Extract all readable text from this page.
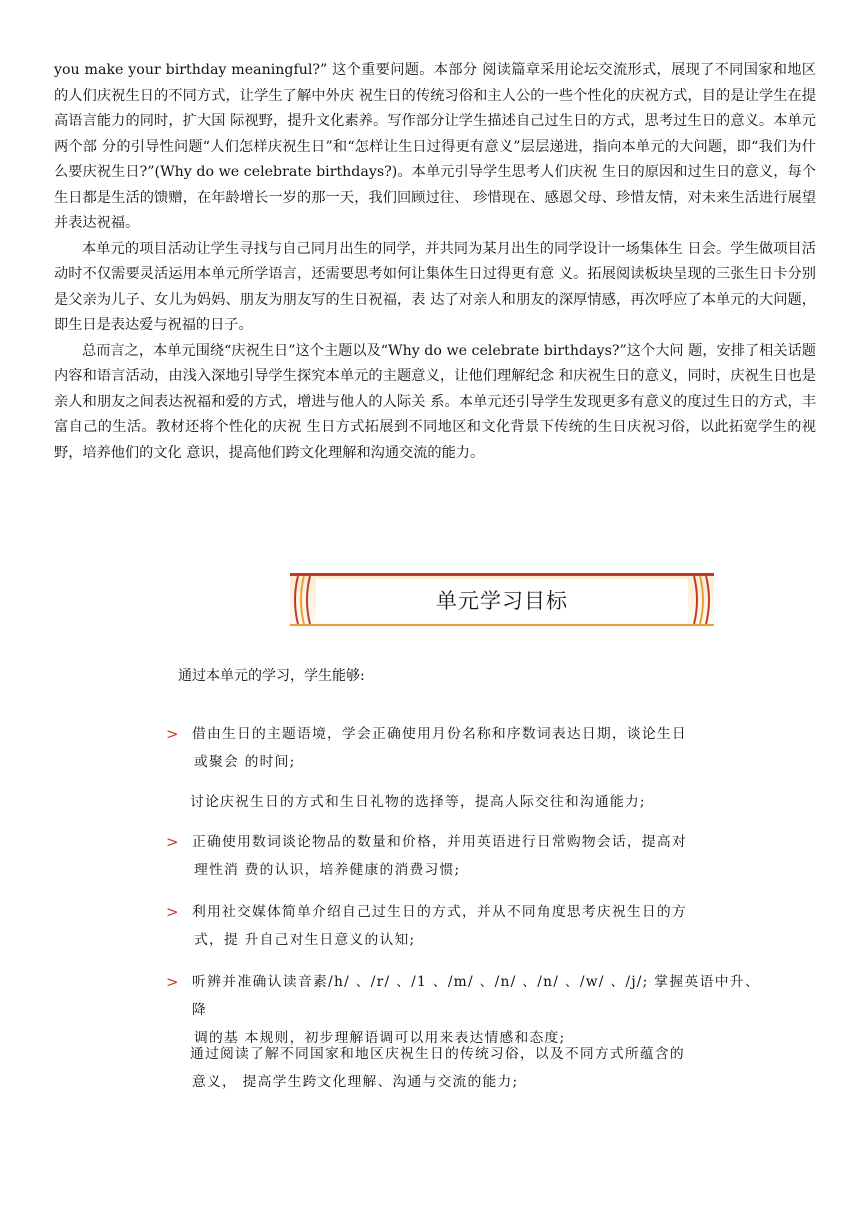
you make your birthday meaningful?” 这个重要问题。本部分 阅读篇章采用论坛交流形式，展现了不同国家和地区的人们庆祝生日的不同方式，让学生了解中外庆 祝生日的传统习俗和主人公的一些个性化的庆祝方式，目的是让学生在提高语言能力的同时，扩大国 际视野，提升文化素养。写作部分让学生描述自己过生日的方式，思考过生日的意义。本单元两个部 分的引导性问题“人们怎样庆祝生日”和“怎样让生日过得更有意义”层层递进，指向本单元的大问题，即“我们为什么要庆祝生日?”(Why do we celebrate birthdays?)。本单元引导学生思考人们庆祝 生日的原因和过生日的意义，每个生日都是生活的馈赠，在年龄增长一岁的那一天，我们回顾过往、 珍惜现在、感恩父母、珍惜友情，对未来生活进行展望并表达祝福。

本单元的项目活动让学生寻找与自己同月出生的同学，并共同为某月出生的同学设计一场集体生 日会。学生做项目活动时不仅需要灵活运用本单元所学语言，还需要思考如何让集体生日过得更有意 义。拓展阅读板块呈现的三张生日卡分别是父亲为儿子、女儿为妈妈、朋友为朋友写的生日祝福，表 达了对亲人和朋友的深厚情感，再次呼应了本单元的大问题，即生日是表达爱与祝福的日子。

总而言之，本单元围绕“庆祝生日”这个主题以及“Why do we celebrate birthdays?”这个大问 题，安排了相关话题内容和语言活动，由浅入深地引导学生探究本单元的主题意义，让他们理解纪念 和庆祝生日的意义，同时，庆祝生日也是亲人和朋友之间表达祝福和爱的方式，增进与他人的人际关 系。本单元还引导学生发现更多有意义的度过生日的方式，丰富自己的生活。教材还将个性化的庆祝 生日方式拓展到不同地区和文化背景下传统的生日庆祝习俗，以此拓宽学生的视野，培养他们的文化 意识，提高他们跨文化理解和沟通交流的能力。

单元学习目标
通过本单元的学习，学生能够:
> 借由生日的主题语境，学会正确使用月份名称和序数词表达日期，谈论生日
或聚会 的时间;
讨论庆祝生日的方式和生日礼物的选择等，提高人际交往和沟通能力;
> 正确使用数词谈论物品的数量和价格，并用英语进行日常购物会话，提高对
理性消 费的认识，培养健康的消费习惯;
> 利用社交媒体简单介绍自己过生日的方式，并从不同角度思考庆祝生日的方
式，提 升自己对生日意义的认知;
> 听辨并准确认读音素/h/ 、/r/ 、/1 、/m/ 、/n/ 、/n/ 、/w/ 、/j/; 掌握英语中升、降
调的基 本规则，初步理解语调可以用来表达情感和态度;
通过阅读了解不同国家和地区庆祝生日的传统习俗，以及不同方式所蕴含的
意义， 提高学生跨文化理解、沟通与交流的能力;
